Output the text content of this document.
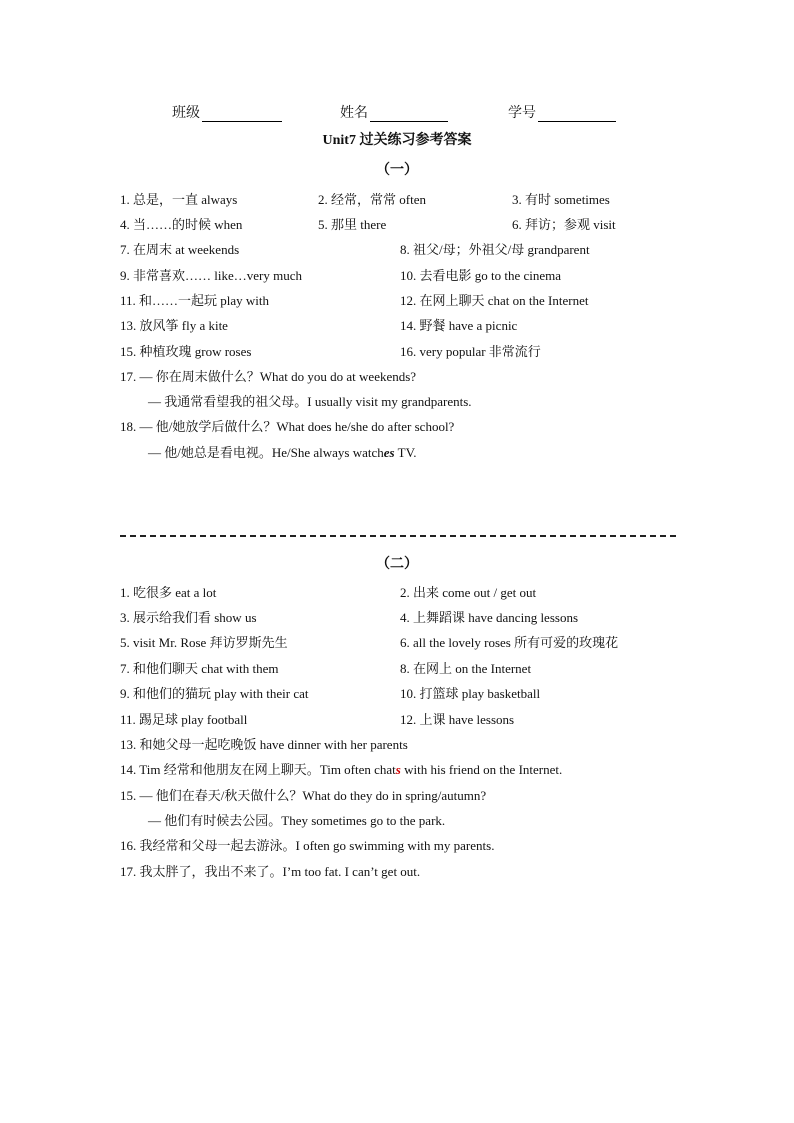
班级	姓名	学号
Unit7 过关练习参考答案
（一）
1. 总是，一直 always	2. 经常，常常 often	3. 有时 sometimes
4. 当……的时候 when	5. 那里 there	6. 拜访；参观 visit
7. 在周末 at weekends	8. 祖父/母；外祖父/母 grandparent
9. 非常喜欢…… like…very much	10. 去看电影 go to the cinema
11. 和……一起玩 play with	12. 在网上聊天 chat on the Internet
13. 放风筝 fly a kite	14. 野餐 have a picnic
15. 种植玫瑰 grow roses	16. very popular 非常流行
17. — 你在周末做什么？What do you do at weekends?
— 我通常看望我的祖父母。I usually visit my grandparents.
18. — 他/她放学后做什么？What does he/she do after school?
— 他/她总是看电视。He/She always watches TV.
（二）
1. 吃很多 eat a lot	2. 出来 come out / get out
3. 展示给我们看 show us	4. 上舞蹈课 have dancing lessons
5. visit Mr. Rose 拜访罗斯先生	6. all the lovely roses 所有可爱的玫瑰花
7. 和他们聊天 chat with them	8. 在网上 on the Internet
9. 和他们的猫玩 play with their cat	10. 打篮球 play basketball
11. 踢足球 play football	12. 上课 have lessons
13. 和她父母一起吃晚饭 have dinner with her parents
14. Tim 经常和他朋友在网上聊天。Tim often chats with his friend on the Internet.
15. — 他们在春天/秋天做什么？What do they do in spring/autumn?
— 他们有时候去公园。They sometimes go to the park.
16. 我经常和父母一起去游泳。I often go swimming with my parents.
17. 我太胖了，我出不来了。I’m too fat. I can’t get out.
